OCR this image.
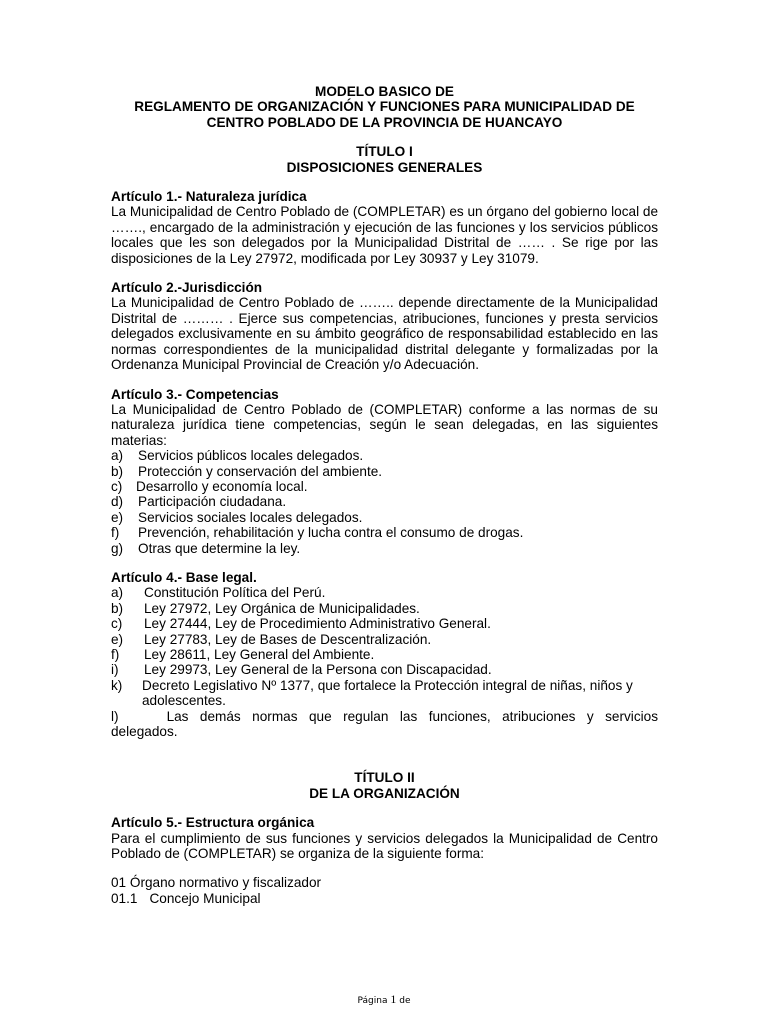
MODELO BASICO DE
REGLAMENTO DE ORGANIZACIÓN Y FUNCIONES PARA MUNICIPALIDAD DE
CENTRO POBLADO DE LA PROVINCIA DE HUANCAYO
TÍTULO I
DISPOSICIONES GENERALES

Artículo 1.- Naturaleza jurídica

La Municipalidad de Centro Poblado de (COMPLETAR) es un órgano del gobierno local de ……., encargado de la administración y ejecución de las funciones y los servicios públicos locales que les son delegados por la Municipalidad Distrital de …… . Se rige por las disposiciones de la Ley 27972, modificada por Ley 30937 y Ley 31079.

Artículo 2.-Jurisdicción

La Municipalidad de Centro Poblado de …….. depende directamente de la Municipalidad Distrital de ……… . Ejerce sus competencias, atribuciones, funciones y presta servicios delegados exclusivamente en su ámbito geográfico de responsabilidad establecido en las normas correspondientes de la municipalidad distrital delegante y formalizadas por la Ordenanza Municipal Provincial de Creación y/o Adecuación.

Artículo 3.- Competencias

La Municipalidad de Centro Poblado de (COMPLETAR) conforme a las normas de su naturaleza jurídica tiene competencias, según le sean delegadas, en las siguientes materias:

a)	Servicios públicos locales delegados.
b)	Protección y conservación del ambiente.
c)	Desarrollo y economía local.
d)	Participación ciudadana.
e)	Servicios sociales locales delegados.
f)	Prevención, rehabilitación y lucha contra el consumo de drogas.
g)	Otras que determine la ley.

Artículo 4.- Base legal.

a)	Constitución Política del Perú.
b)	Ley 27972, Ley Orgánica de Municipalidades.
c)	Ley 27444, Ley de Procedimiento Administrativo General.
e)	Ley 27783, Ley de Bases de Descentralización.
f)	Ley 28611, Ley General del Ambiente.
i)	Ley 29973, Ley General de la Persona con Discapacidad.
k)	Decreto Legislativo Nº 1377, que fortalece la Protección integral de niñas, niños y adolescentes.

l)	Las demás normas que regulan las funciones, atribuciones y servicios delegados.

TÍTULO II
DE LA ORGANIZACIÓN

Artículo 5.- Estructura orgánica

Para el cumplimiento de sus funciones y servicios delegados la Municipalidad de Centro Poblado de (COMPLETAR) se organiza de la siguiente forma:

01 Órgano normativo y fiscalizador

01.1 Concejo Municipal

Página 1 de
